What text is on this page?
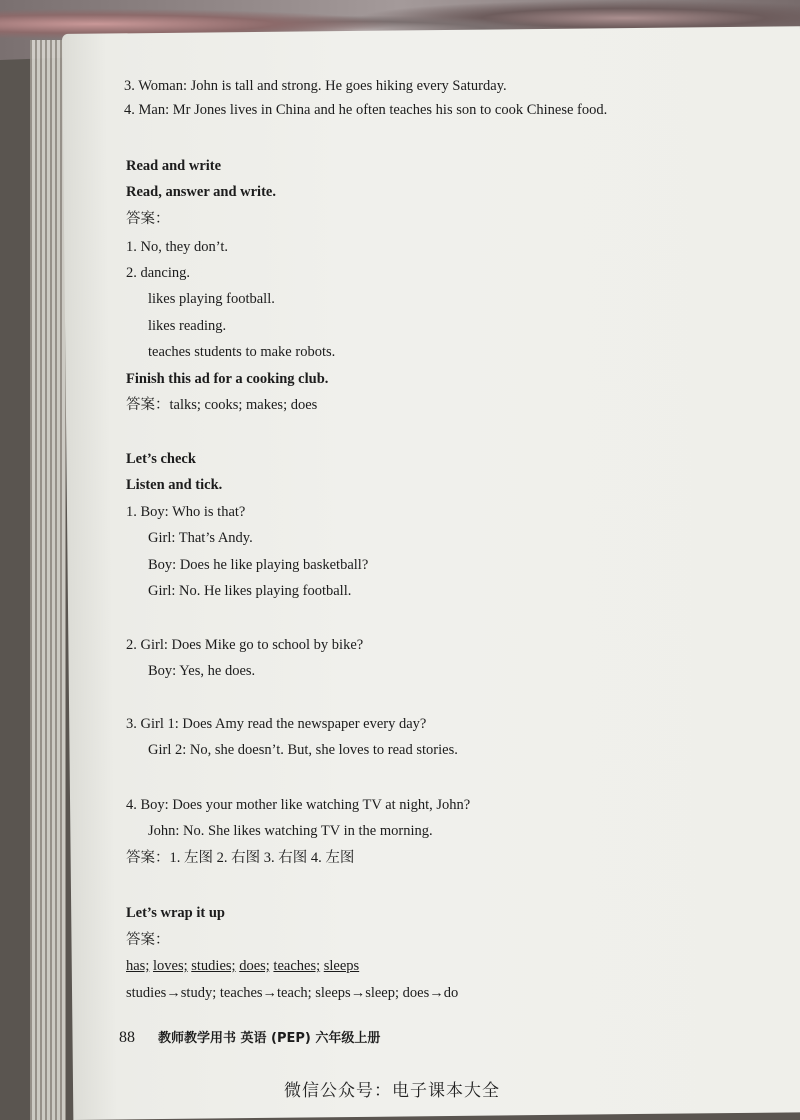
3. Woman: John is tall and strong. He goes hiking every Saturday.
4. Man: Mr Jones lives in China and he often teaches his son to cook Chinese food.
Read and write
Read, answer and write.
答案：
1. No, they don’t.
2. dancing.
likes playing football.
likes reading.
teaches students to make robots.
Finish this ad for a cooking club.
答案：talks; cooks; makes; does
Let’s check
Listen and tick.
1. Boy: Who is that?
Girl: That’s Andy.
Boy: Does he like playing basketball?
Girl: No. He likes playing football.
2. Girl: Does Mike go to school by bike?
Boy: Yes, he does.
3. Girl 1: Does Amy read the newspaper every day?
Girl 2: No, she doesn’t. But, she loves to read stories.
4. Boy: Does your mother like watching TV at night, John?
John: No. She likes watching TV in the morning.
答案：1. 左图 2. 右图 3. 右图 4. 左图
Let’s wrap it up
答案：
has; loves; studies; does; teaches; sleeps
studies→study; teaches→teach; sleeps→sleep; does→do
88 教师教学用书 英语 (PEP) 六年级上册
微信公众号：电子课本大全
